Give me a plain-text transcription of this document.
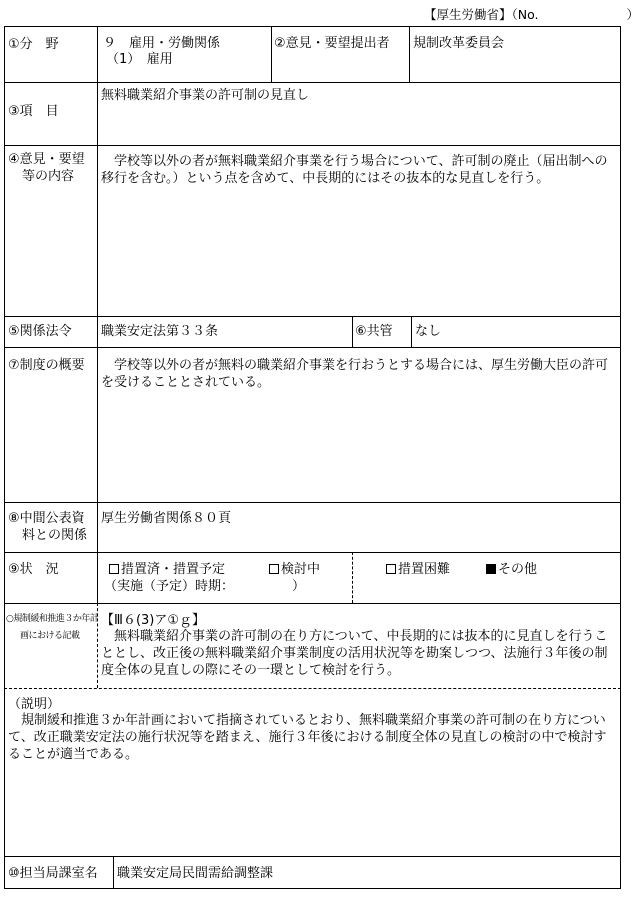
【厚生労働省】（No.	）
①分　野	９　雇用・労働関係
（1）　雇用
②意見・要望提出者 規制改革委員会
③項　目
無料職業紹介事業の許可制の見直し
④意見・要望
等の内容
学校等以外の者が無料職業紹介事業を行う場合について、許可制の廃止（届出制への移行を含む。）という点を含めて、中長期的にはその抜本的な見直しを行う。
⑤関係法令 職業安定法第３３条	⑥共管 なし
⑦制度の概要	学校等以外の者が無料の職業紹介事業を行おうとする場合には、厚生労働大臣の許可を受けることとされている。
⑧中間公表資
料との関係
厚生労働省関係８０頁
⑨状　況	措置済・措置予定	検討中	措置困難	その他
（実施（予定）時期：	）
○規制緩和推進３か年計
画における記載
【Ⅲ６(3)ア①ｇ】
無料職業紹介事業の許可制の在り方について、中長期的には抜本的に見直しを行うこととし、改正後の無料職業紹介事業制度の活用状況等を勘案しつつ、法施行３年後の制度全体の見直しの際にその一環として検討を行う。
（説明）
規制緩和推進３か年計画において指摘されているとおり、無料職業紹介事業の許可制の在り方について、改正職業安定法の施行状況等を踏まえ、施行３年後における制度全体の見直しの検討の中で検討することが適当である。
⑩担当局課室名 職業安定局民間需給調整課
